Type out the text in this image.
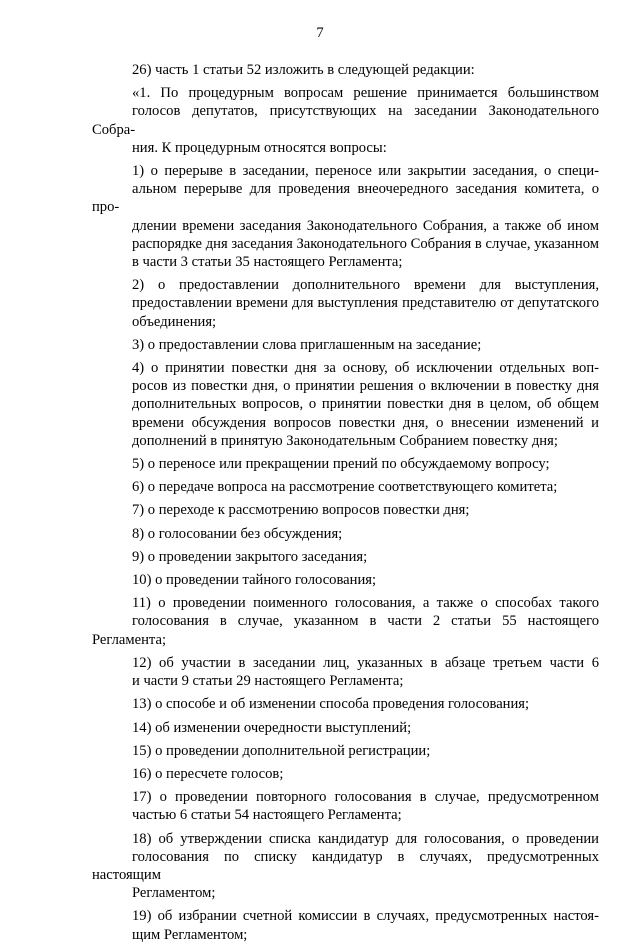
7
26) часть 1 статьи 52 изложить в следующей редакции:
«1. По процедурным вопросам решение принимается большинством
голосов депутатов, присутствующих на заседании Законодательного Собра-
ния. К процедурным относятся вопросы:
1) о перерыве в заседании, переносе или закрытии заседания, о специ-
альном перерыве для проведения внеочередного заседания комитета, о про-
длении времени заседания Законодательного Собрания, а также об ином
распорядке дня заседания Законодательного Собрания в случае, указанном
в части 3 статьи 35 настоящего Регламента;
2) о предоставлении дополнительного времени для выступления,
предоставлении времени для выступления представителю от депутатского
объединения;
3) о предоставлении слова приглашенным на заседание;
4) о принятии повестки дня за основу, об исключении отдельных воп-
росов из повестки дня, о принятии решения о включении в повестку дня
дополнительных вопросов, о принятии повестки дня в целом, об общем
времени обсуждения вопросов повестки дня, о внесении изменений и
дополнений в принятую Законодательным Собранием повестку дня;
5) о переносе или прекращении прений по обсуждаемому вопросу;
6) о передаче вопроса на рассмотрение соответствующего комитета;
7) о переходе к рассмотрению вопросов повестки дня;
8) о голосовании без обсуждения;
9) о проведении закрытого заседания;
10) о проведении тайного голосования;
11) о проведении поименного голосования, а также о способах такого
голосования в случае, указанном в части 2 статьи 55 настоящего Регламента;
12) об участии в заседании лиц, указанных в абзаце третьем части 6
и части 9 статьи 29 настоящего Регламента;
13) о способе и об изменении способа проведения голосования;
14) об изменении очередности выступлений;
15) о проведении дополнительной регистрации;
16) о пересчете голосов;
17) о проведении повторного голосования в случае, предусмотренном
частью 6 статьи 54 настоящего Регламента;
18) об утверждении списка кандидатур для голосования, о проведении
голосования по списку кандидатур в случаях, предусмотренных настоящим
Регламентом;
19) об избрании счетной комиссии в случаях, предусмотренных настоя-
щим Регламентом;
